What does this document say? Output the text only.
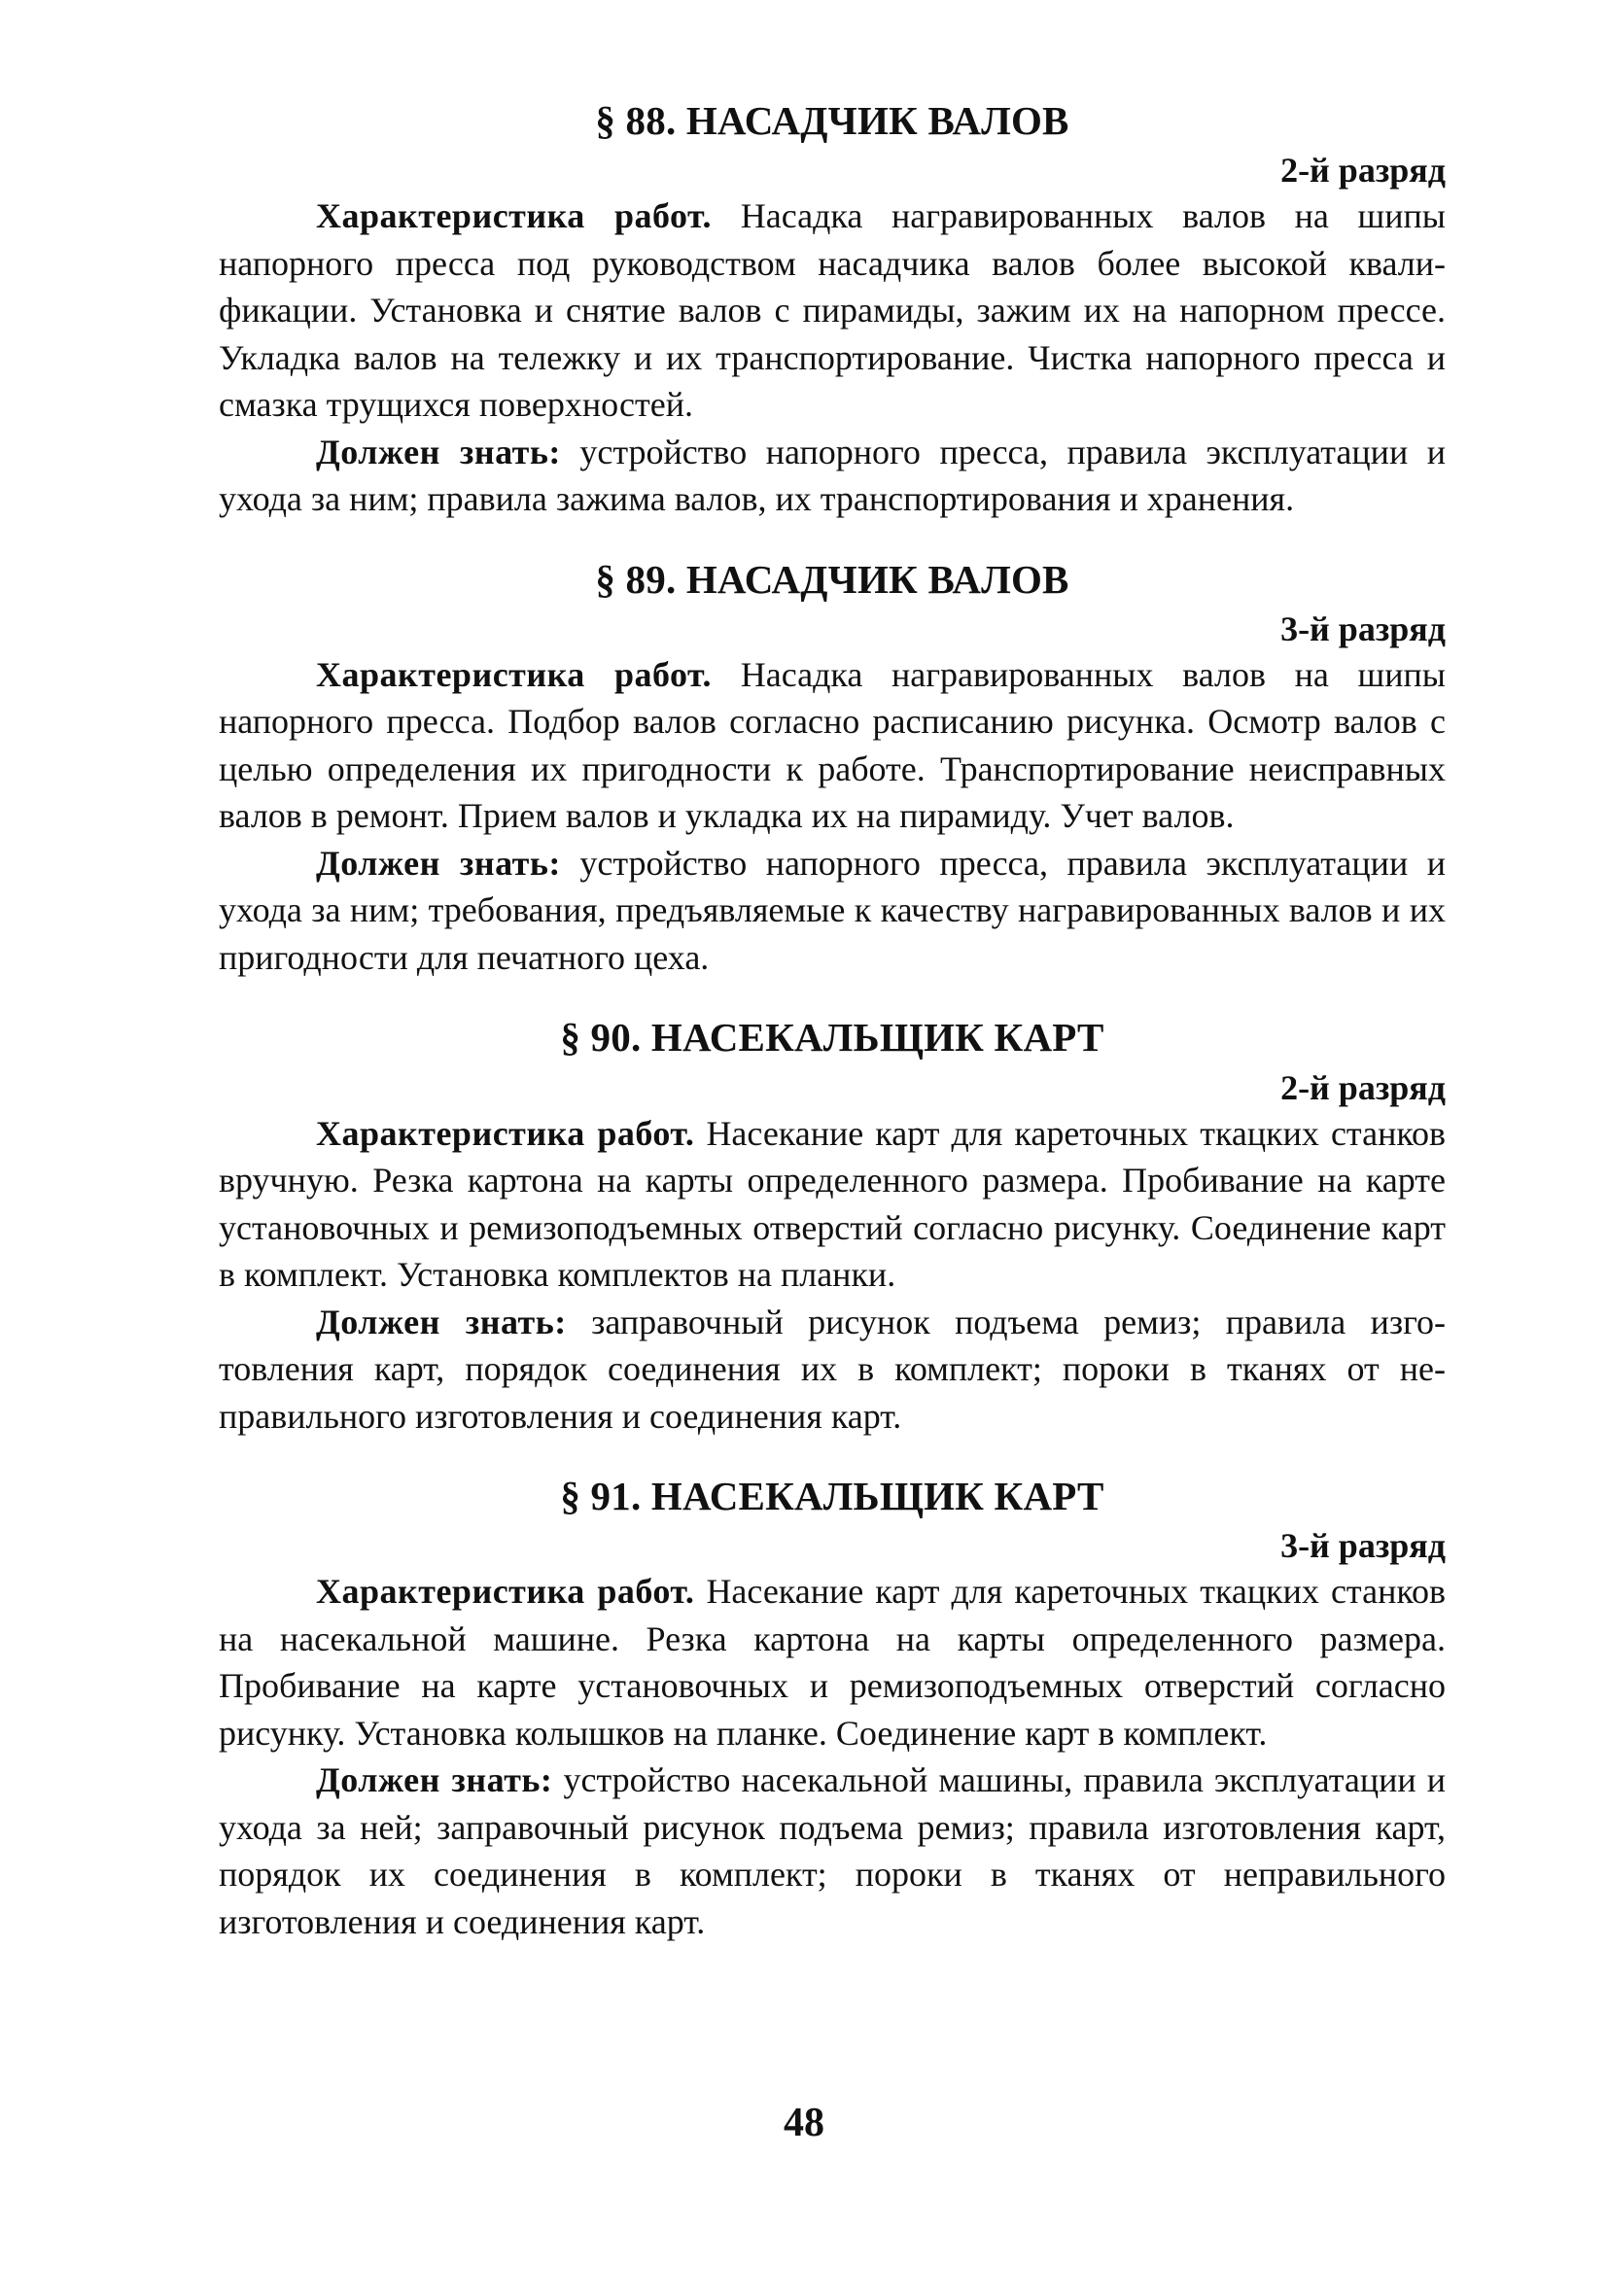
§ 88. НАСАДЧИК ВАЛОВ
2-й разряд

Характеристика работ. Насадка награвированных валов на шипы напорного пресса под руководством насадчика валов более высокой квалификации. Установка и снятие валов с пирамиды, зажим их на напорном прессе. Укладка валов на тележку и их транспортирование. Чистка напорного пресса и смазка трущихся поверхностей.

Должен знать: устройство напорного пресса, правила эксплуатации и ухода за ним; правила зажима валов, их транспортирования и хранения.

§ 89. НАСАДЧИК ВАЛОВ
3-й разряд

Характеристика работ. Насадка награвированных валов на шипы напорного пресса. Подбор валов согласно расписанию рисунка. Осмотр валов с целью определения их пригодности к работе. Транспортирование неисправных валов в ремонт. Прием валов и укладка их на пирамиду. Учет валов.

Должен знать: устройство напорного пресса, правила эксплуатации и ухода за ним; требования, предъявляемые к качеству награвированных валов и их пригодности для печатного цеха.

§ 90. НАСЕКАЛЬЩИК КАРТ
2-й разряд

Характеристика работ. Насекание карт для кареточных ткацких станков вручную. Резка картона на карты определенного размера. Пробивание на карте установочных и ремизоподъемных отверстий согласно рисунку. Соединение карт в комплект. Установка комплектов на планки.

Должен знать: заправочный рисунок подъема ремиз; правила изготовления карт, порядок соединения их в комплект; пороки в тканях от неправильного изготовления и соединения карт.

§ 91. НАСЕКАЛЬЩИК КАРТ
3-й разряд

Характеристика работ. Насекание карт для кареточных ткацких станков на насекальной машине. Резка картона на карты определенного размера. Пробивание на карте установочных и ремизоподъемных отверстий согласно рисунку. Установка колышков на планке. Соединение карт в комплект.

Должен знать: устройство насекальной машины, правила эксплуатации и ухода за ней; заправочный рисунок подъема ремиз; правила изготовления карт, порядок их соединения в комплект; пороки в тканях от неправильного изготовления и соединения карт.

48
